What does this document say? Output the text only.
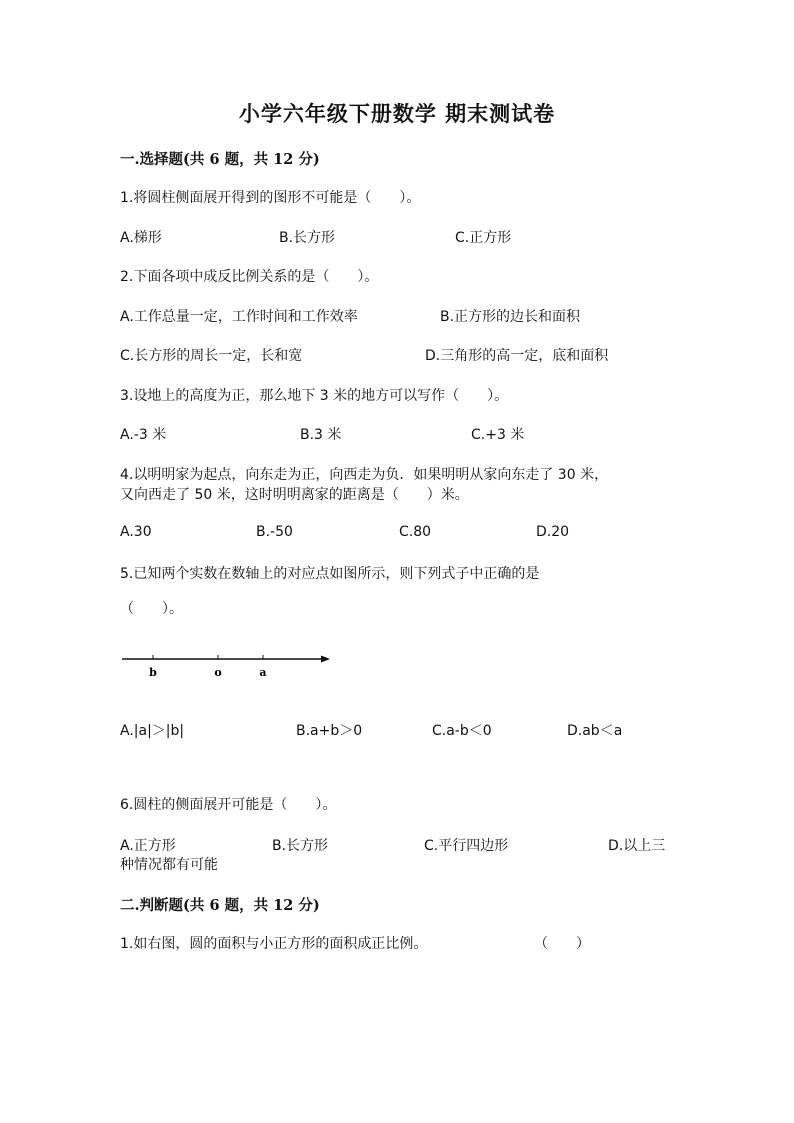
小学六年级下册数学 期末测试卷
一.选择题(共 6 题，共 12 分)
1.将圆柱侧面展开得到的图形不可能是（　　）。
A.梯形	B.长方形	C.正方形
2.下面各项中成反比例关系的是（　　）。
A.工作总量一定，工作时间和工作效率	B.正方形的边长和面积
C.长方形的周长一定，长和宽	D.三角形的高一定，底和面积
3.设地上的高度为正，那么地下 3 米的地方可以写作（　　）。
A.-3 米	B.3 米	C.+3 米
4.以明明家为起点，向东走为正，向西走为负．如果明明从家向东走了 30 米，
又向西走了 50 米，这时明明离家的距离是（　　）米。
A.30	B.-50	C.80	D.20
5.已知两个实数在数轴上的对应点如图所示，则下列式子中正确的是
（　　）。
b	o	a
A.|a|＞|b|	B.a+b＞0	C.a-b＜0	D.ab＜a
6.圆柱的侧面展开可能是（　　）。
A.正方形	B.长方形	C.平行四边形	D.以上三
种情况都有可能
二.判断题(共 6 题，共 12 分)
1.如右图，圆的面积与小正方形的面积成正比例。	（　　）
